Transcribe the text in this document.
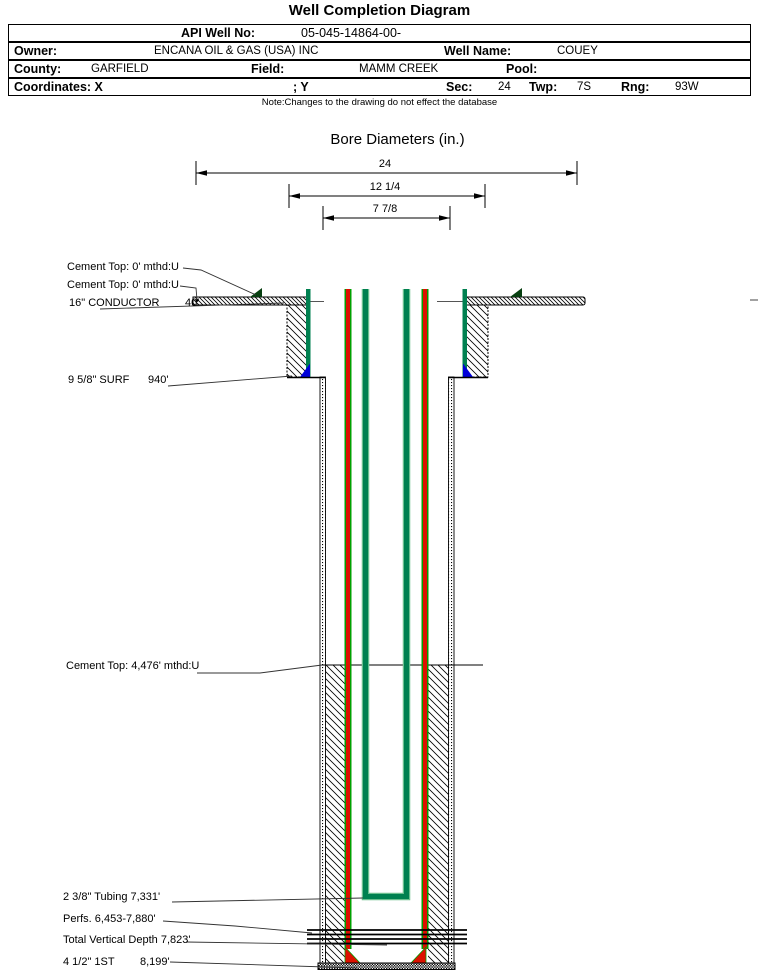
Well Completion Diagram
API Well No:	05-045-14864-00-
Owner:	ENCANA OIL & GAS (USA) INC	Well Name:	COUEY
County:	GARFIELD	Field:	MAMM CREEK	Pool:
Coordinates: X	; Y	Sec: 24 Twp: 7S Rng: 93W
Note:Changes to the drawing do not effect the database
Bore Diameters (in.)
24
12 1/4
7 7/8
Cement Top: 0' mthd:U
Cement Top: 0' mthd:U
16" CONDUCTOR 40'
9 5/8" SURF 940'
Cement Top: 4,476' mthd:U
2 3/8" Tubing 7,331'
Perfs. 6,453-7,880'
Total Vertical Depth 7,823'
4 1/2" 1ST 8,199'
